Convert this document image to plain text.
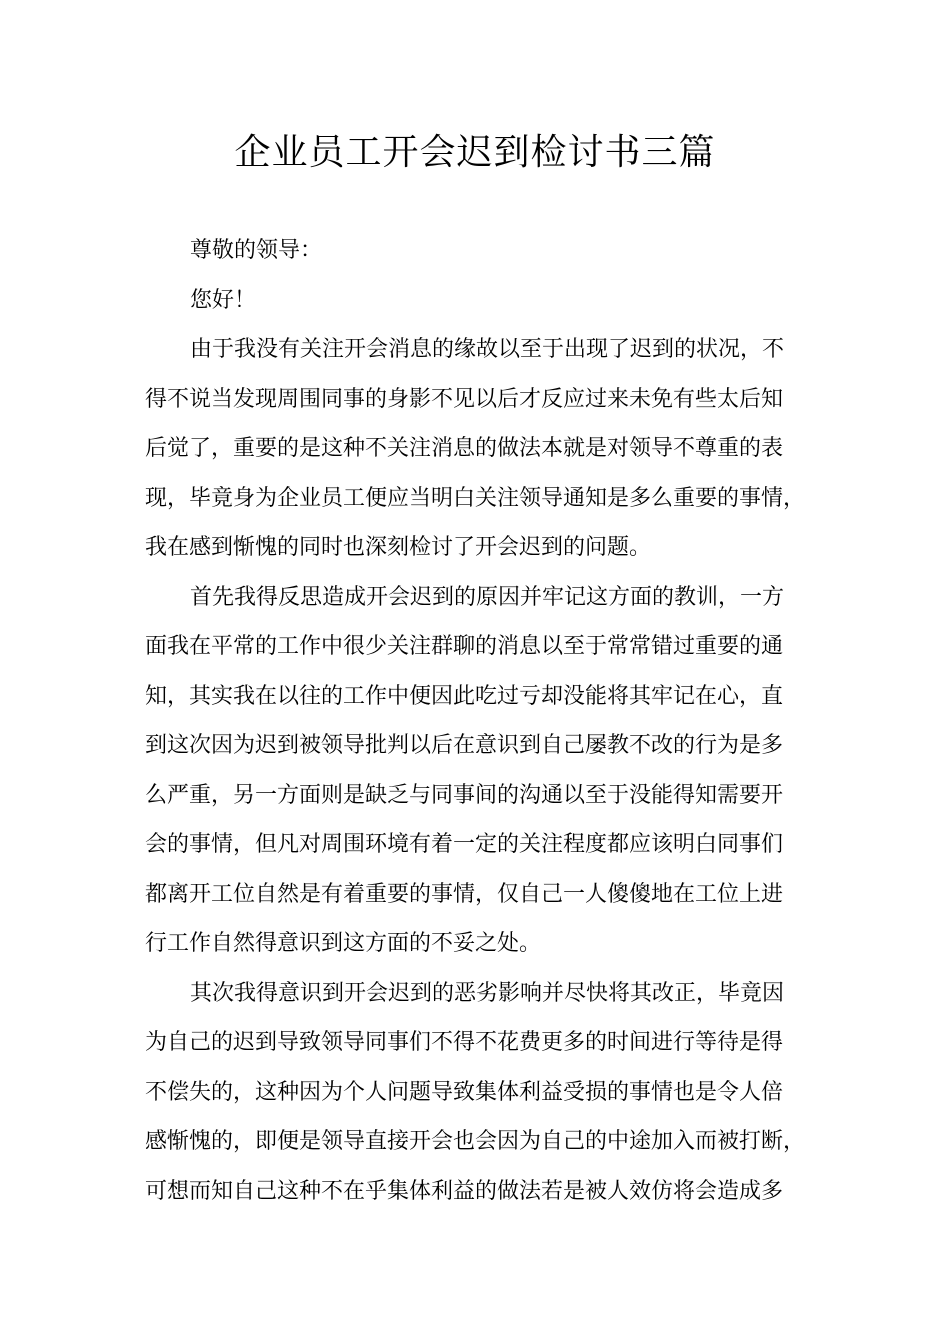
企业员工开会迟到检讨书三篇
尊敬的领导：
您好！
由于我没有关注开会消息的缘故以至于出现了迟到的状况，不
得不说当发现周围同事的身影不见以后才反应过来未免有些太后知
后觉了，重要的是这种不关注消息的做法本就是对领导不尊重的表
现，毕竟身为企业员工便应当明白关注领导通知是多么重要的事情，
我在感到惭愧的同时也深刻检讨了开会迟到的问题。
首先我得反思造成开会迟到的原因并牢记这方面的教训，一方
面我在平常的工作中很少关注群聊的消息以至于常常错过重要的通
知，其实我在以往的工作中便因此吃过亏却没能将其牢记在心，直
到这次因为迟到被领导批判以后在意识到自己屡教不改的行为是多
么严重，另一方面则是缺乏与同事间的沟通以至于没能得知需要开
会的事情，但凡对周围环境有着一定的关注程度都应该明白同事们
都离开工位自然是有着重要的事情，仅自己一人傻傻地在工位上进
行工作自然得意识到这方面的不妥之处。
其次我得意识到开会迟到的恶劣影响并尽快将其改正，毕竟因
为自己的迟到导致领导同事们不得不花费更多的时间进行等待是得
不偿失的，这种因为个人问题导致集体利益受损的事情也是令人倍
感惭愧的，即便是领导直接开会也会因为自己的中途加入而被打断，
可想而知自己这种不在乎集体利益的做法若是被人效仿将会造成多
